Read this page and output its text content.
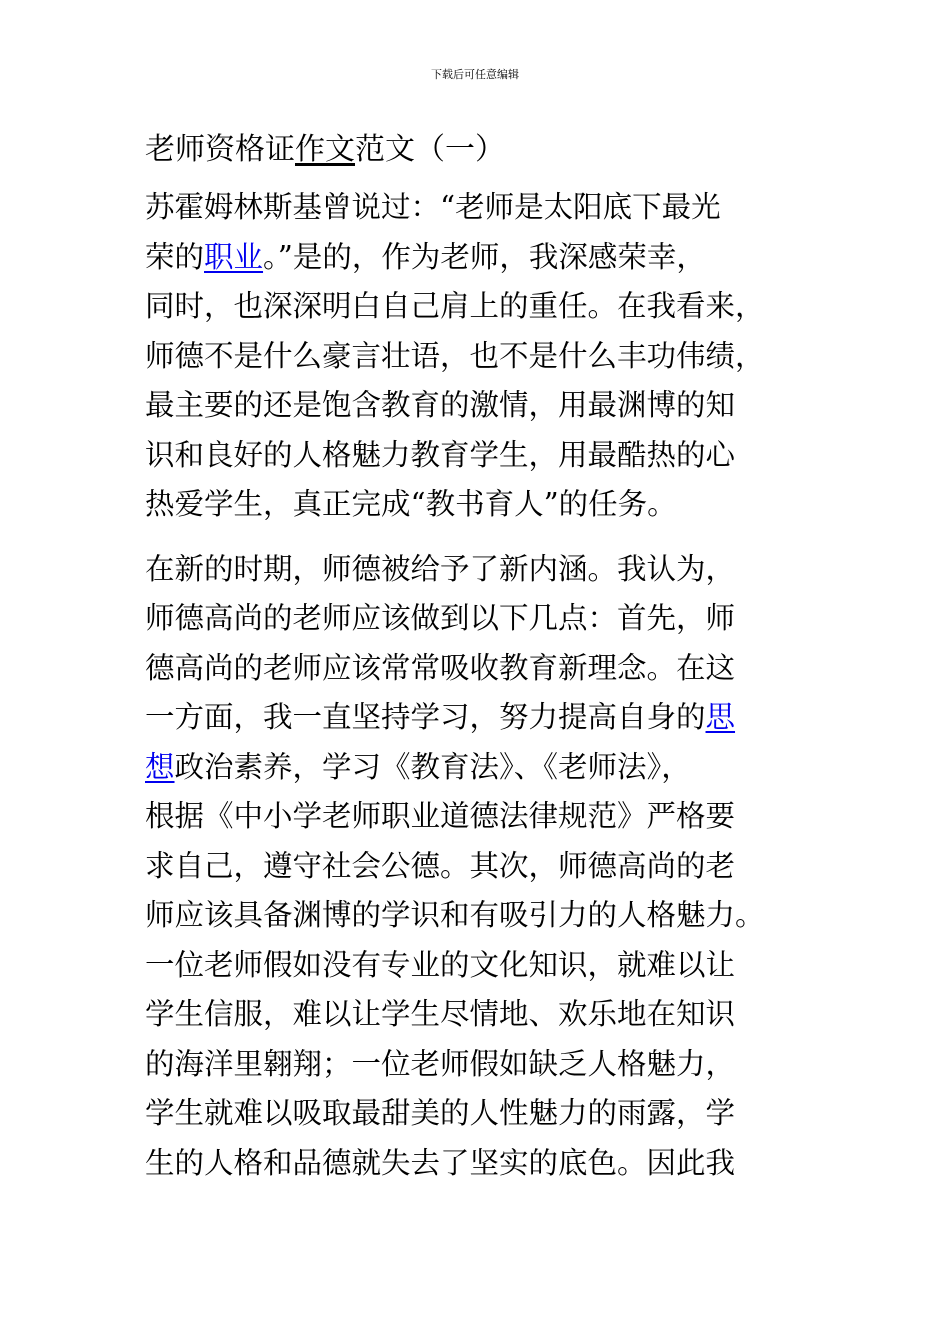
下载后可任意编辑
老师资格证作文范文（一）
苏霍姆林斯基曾说过：“老师是太阳底下最光
荣的职业。”是的，作为老师，我深感荣幸，
同时，也深深明白自己肩上的重任。在我看来，
师德不是什么豪言壮语，也不是什么丰功伟绩，
最主要的还是饱含教育的激情，用最渊博的知
识和良好的人格魅力教育学生，用最酷热的心
热爱学生，真正完成“教书育人”的任务。
在新的时期，师德被给予了新内涵。我认为，
师德高尚的老师应该做到以下几点：首先，师
德高尚的老师应该常常吸收教育新理念。在这
一方面，我一直坚持学习，努力提高自身的思
想政治素养，学习《教育法》、《老师法》，
根据《中小学老师职业道德法律规范》严格要
求自己，遵守社会公德。其次，师德高尚的老
师应该具备渊博的学识和有吸引力的人格魅力。
一位老师假如没有专业的文化知识，就难以让
学生信服，难以让学生尽情地、欢乐地在知识
的海洋里翱翔；一位老师假如缺乏人格魅力，
学生就难以吸取最甜美的人性魅力的雨露，学
生的人格和品德就失去了坚实的底色。因此我
